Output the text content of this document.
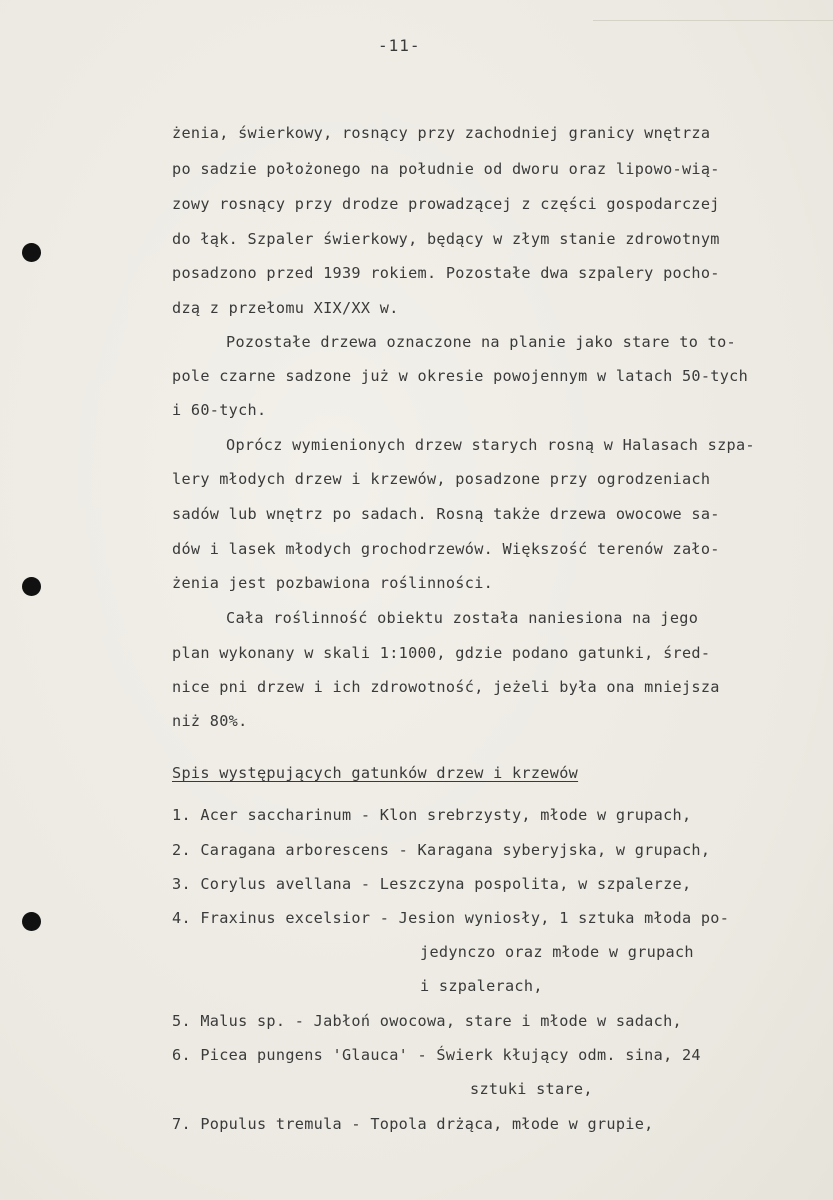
-11-

żenia, świerkowy, rosnący przy zachodniej granicy wnętrza

po sadzie położonego na południe od dworu oraz lipowo-wią-

zowy rosnący przy drodze prowadzącej z części gospodarczej

do łąk. Szpaler świerkowy, będący w złym stanie zdrowotnym

posadzono przed 1939 rokiem. Pozostałe dwa szpalery pocho-

dzą z przełomu XIX/XX w.

Pozostałe drzewa oznaczone na planie jako stare to to-

pole czarne sadzone już w okresie powojennym w latach 50-tych

i 60-tych.

Oprócz wymienionych drzew starych rosną w Halasach szpa-

lery młodych drzew i krzewów, posadzone przy ogrodzeniach

sadów lub wnętrz po sadach. Rosną także drzewa owocowe sa-

dów i lasek młodych grochodrzewów. Większość terenów zało-

żenia jest pozbawiona roślinności.

Cała roślinność obiektu została naniesiona na jego

plan wykonany w skali 1:1000, gdzie podano gatunki, śred-

nice pni drzew i ich zdrowotność, jeżeli była ona mniejsza

niż 80%.

Spis występujących gatunków drzew i krzewów

1. Acer saccharinum - Klon srebrzysty, młode w grupach,

2. Caragana arborescens - Karagana syberyjska, w grupach,

3. Corylus avellana - Leszczyna pospolita, w szpalerze,

4. Fraxinus excelsior - Jesion wyniosły, 1 sztuka młoda po-

jedynczo oraz młode w grupach

i szpalerach,

5. Malus sp. - Jabłoń owocowa, stare i młode w sadach,

6. Picea pungens 'Glauca' - Świerk kłujący odm. sina, 24

sztuki stare,

7. Populus tremula - Topola drżąca, młode w grupie,
